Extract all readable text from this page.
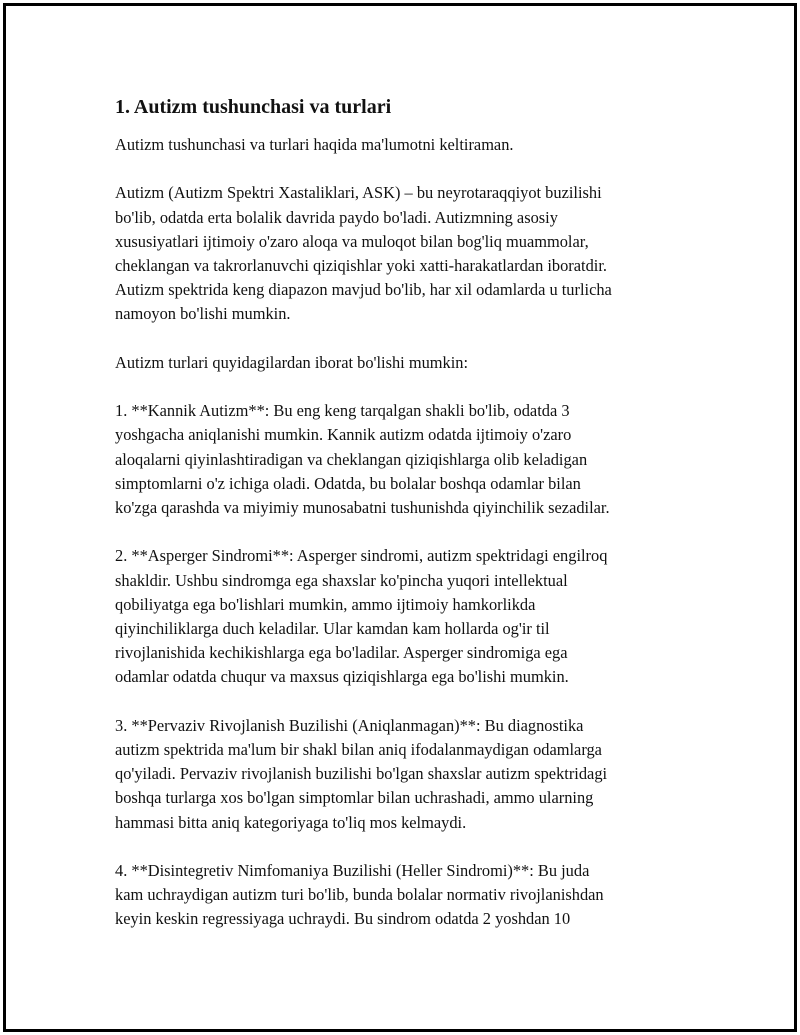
1. Autizm tushunchasi va turlari

Autizm tushunchasi va turlari haqida ma'lumotni keltiraman.

Autizm (Autizm Spektri Xastaliklari, ASK) – bu neyrotaraqqiyot buzilishi
bo'lib, odatda erta bolalik davrida paydo bo'ladi. Autizmning asosiy
xususiyatlari ijtimoiy o'zaro aloqa va muloqot bilan bog'liq muammolar,
cheklangan va takrorlanuvchi qiziqishlar yoki xatti-harakatlardan iboratdir.
Autizm spektrida keng diapazon mavjud bo'lib, har xil odamlarda u turlicha
namoyon bo'lishi mumkin.

Autizm turlari quyidagilardan iborat bo'lishi mumkin:

1. **Kannik Autizm**: Bu eng keng tarqalgan shakli bo'lib, odatda 3
yoshgacha aniqlanishi mumkin. Kannik autizm odatda ijtimoiy o'zaro
aloqalarni qiyinlashtiradigan va cheklangan qiziqishlarga olib keladigan
simptomlarni o'z ichiga oladi. Odatda, bu bolalar boshqa odamlar bilan
ko'zga qarashda va miyimiy munosabatni tushunishda qiyinchilik sezadilar.

2. **Asperger Sindromi**: Asperger sindromi, autizm spektridagi engilroq
shakldir. Ushbu sindromga ega shaxslar ko'pincha yuqori intellektual
qobiliyatga ega bo'lishlari mumkin, ammo ijtimoiy hamkorlikda
qiyinchiliklarga duch keladilar. Ular kamdan kam hollarda og'ir til
rivojlanishida kechikishlarga ega bo'ladilar. Asperger sindromiga ega
odamlar odatda chuqur va maxsus qiziqishlarga ega bo'lishi mumkin.

3. **Pervaziv Rivojlanish Buzilishi (Aniqlanmagan)**: Bu diagnostika
autizm spektrida ma'lum bir shakl bilan aniq ifodalanmaydigan odamlarga
qo'yiladi. Pervaziv rivojlanish buzilishi bo'lgan shaxslar autizm spektridagi
boshqa turlarga xos bo'lgan simptomlar bilan uchrashadi, ammo ularning
hammasi bitta aniq kategoriyaga to'liq mos kelmaydi.

4. **Disintegretiv Nimfomaniya Buzilishi (Heller Sindromi)**: Bu juda
kam uchraydigan autizm turi bo'lib, bunda bolalar normativ rivojlanishdan
keyin keskin regressiyaga uchraydi. Bu sindrom odatda 2 yoshdan 10
